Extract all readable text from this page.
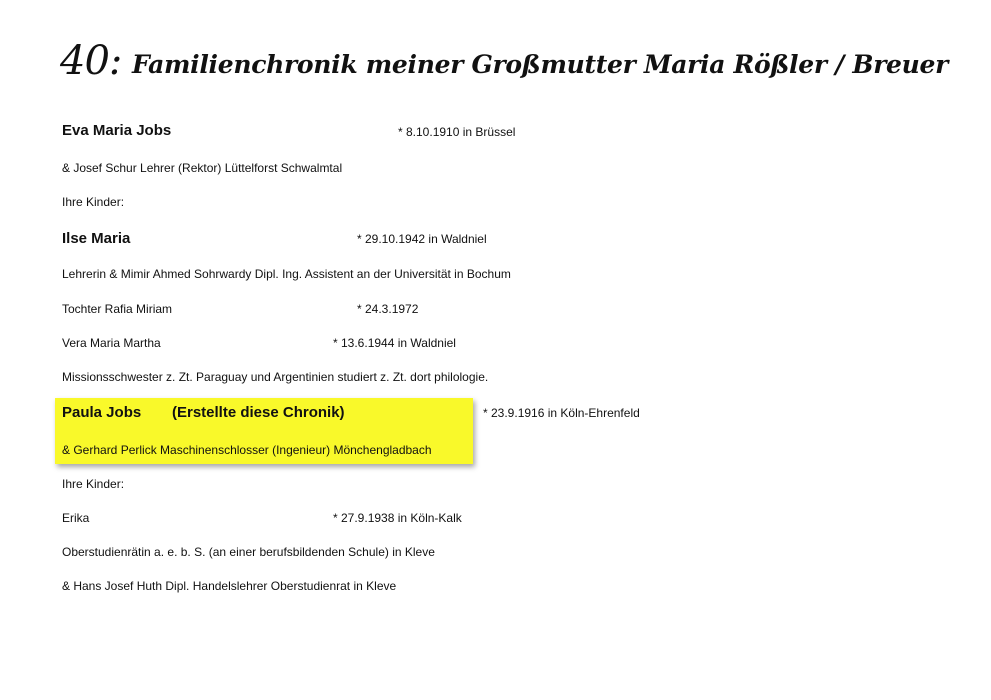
40: Familienchronik meiner Großmutter Maria Rößler / Breuer
Eva Maria Jobs	* 8.10.1910 in Brüssel
& Josef Schur Lehrer (Rektor) Lüttelforst Schwalmtal
Ihre Kinder:
Ilse Maria	* 29.10.1942 in Waldniel
Lehrerin & Mimir Ahmed Sohrwardy Dipl. Ing. Assistent an der Universität in Bochum
Tochter Rafia Miriam	* 24.3.1972
Vera Maria Martha	* 13.6.1944 in Waldniel
Missionsschwester z. Zt. Paraguay und Argentinien studiert z. Zt. dort philologie.
Paula Jobs (Erstellte diese Chronik)	* 23.9.1916 in Köln-Ehrenfeld
& Gerhard Perlick Maschinenschlosser (Ingenieur) Mönchengladbach
Ihre Kinder:
Erika	* 27.9.1938 in Köln-Kalk
Oberstudienrätin a. e. b. S. (an einer berufsbildenden Schule) in Kleve
& Hans Josef Huth Dipl. Handelslehrer Oberstudienrat in Kleve
